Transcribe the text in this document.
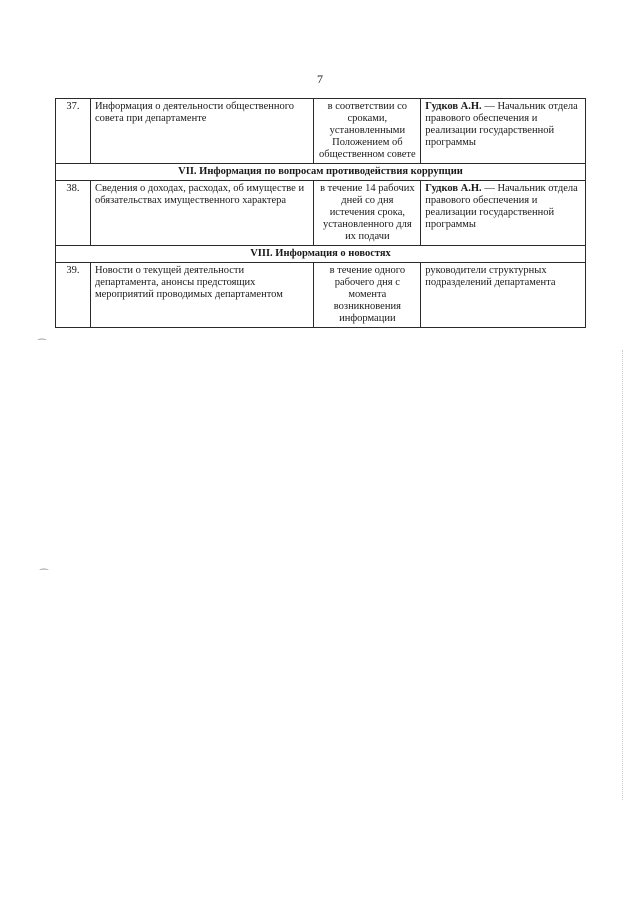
7
37.	Информация о деятельности общественного совета при департаменте	в соответствии со сроками, установленными Положением об общественном совете	Гудков А.Н. — Начальник отдела правового обеспечения и реализации государственной программы
VII. Информация по вопросам противодействия коррупции			
38.	Сведения о доходах, расходах, об имуществе и обязательствах имущественного характера	в течение 14 рабочих дней со дня истечения срока, установленного для их подачи	Гудков А.Н. — Начальник отдела правового обеспечения и реализации государственной программы
VIII. Информация о новостях			
39.	Новости о текущей деятельности департамента, анонсы предстоящих мероприятий проводимых департаментом	в течение одного рабочего дня с момента возникновения информации	руководители структурных подразделений департамента
⁀
⁀
